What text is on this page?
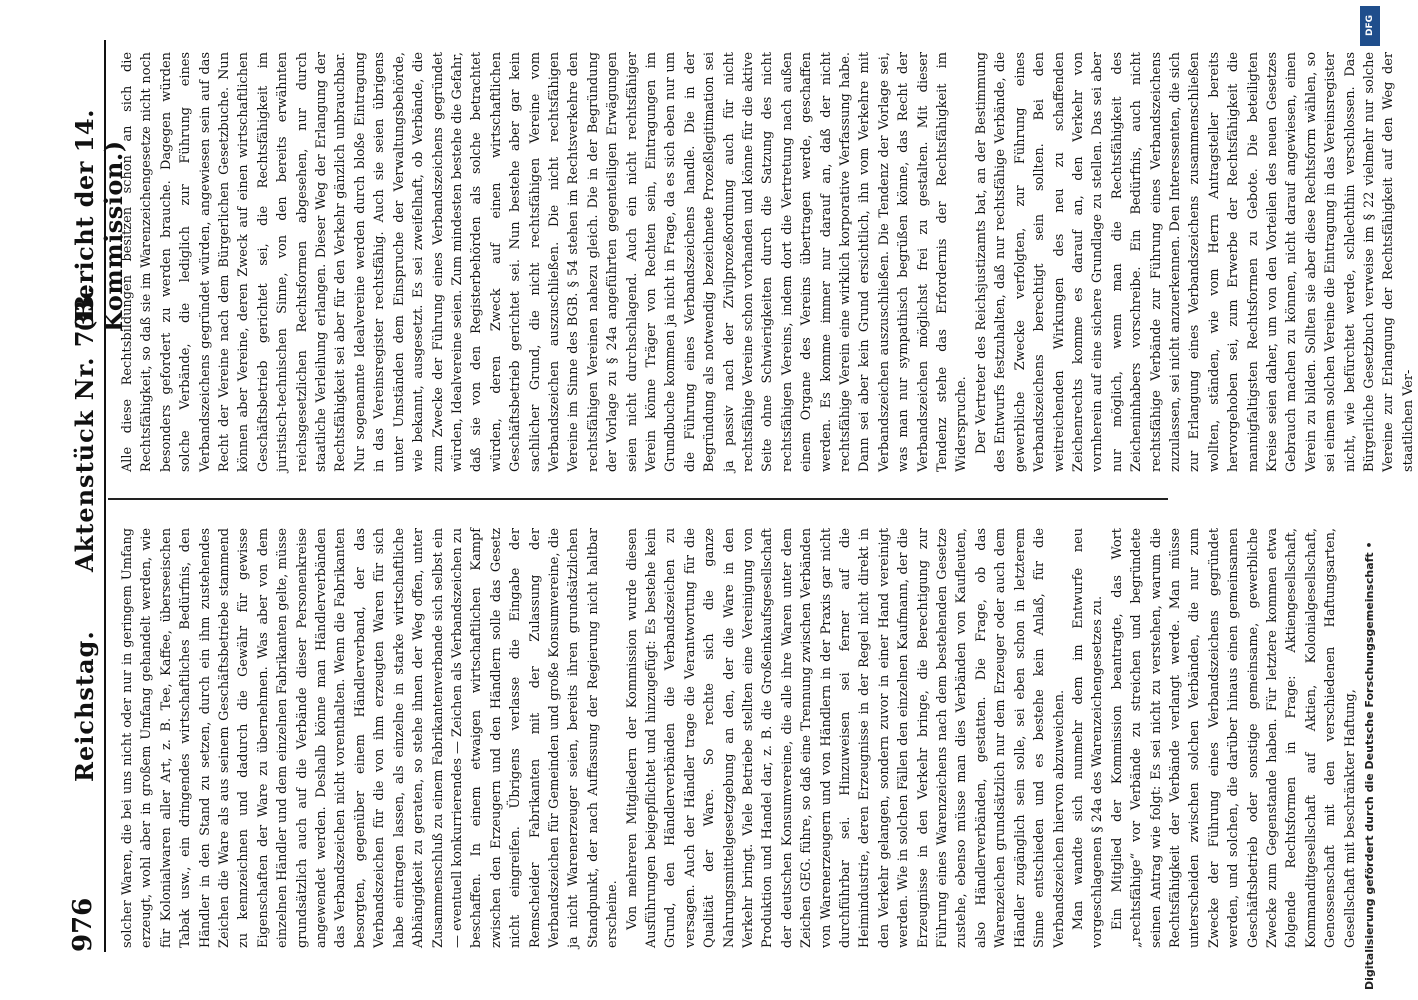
976
Reichstag.
Aktenstück Nr. 733.
(Bericht der 14. Kommission.)

solcher Waren, die bei uns nicht oder nur in geringem Umfang erzeugt, wohl aber in großem Umfang gehandelt werden, wie für Kolonialwaren aller Art, z. B. Tee, Kaffee, überseeischen Tabak usw., ein dringendes wirtschaftliches Bedürfnis, den Händler in den Stand zu setzen, durch ein ihm zustehendes Zeichen die Ware als aus seinem Geschäftsbetriebe stammend zu kennzeichnen und dadurch die Gewähr für gewisse Eigenschaften der Ware zu übernehmen. Was aber von dem einzelnen Händler und dem einzelnen Fabrikanten gelte, müsse grundsätzlich auch auf die Verbände dieser Personenkreise angewendet werden. Deshalb könne man Händlerverbänden das Verbandszeichen nicht vorenthalten. Wenn die Fabrikanten besorgten, gegenüber einem Händlerverband, der das Verbandszeichen für die von ihm erzeugten Waren für sich habe eintragen lassen, als einzelne in starke wirtschaftliche Abhängigkeit zu geraten, so stehe ihnen der Weg offen, unter Zusammenschluß zu einem Fabrikantenverbande sich selbst ein — eventuell konkurrierendes — Zeichen als Verbandszeichen zu beschaffen. In einem etwaigen wirtschaftlichen Kampf zwischen den Erzeugern und den Händlern solle das Gesetz nicht eingreifen. Übrigens verlasse die Eingabe der Remscheider Fabrikanten mit der Zulassung der Verbandszeichen für Gemeinden und große Konsumvereine, die ja nicht Warenerzeuger seien, bereits ihren grundsätzlichen Standpunkt, der nach Auffassung der Regierung nicht haltbar erscheine. Von mehreren Mitgliedern der Kommission wurde diesen Ausführungen beigepflichtet und hinzugefügt: Es bestehe kein Grund, den Händlerverbänden die Verbandszeichen zu versagen. Auch der Händler trage die Verantwortung für die Qualität der Ware. So rechte sich die ganze Nahrungsmittelgesetzgebung an den, der die Ware in den Verkehr bringt. Viele Betriebe stellten eine Vereinigung von Produktion und Handel dar, z. B. die Großeinkaufsgesellschaft der deutschen Konsumvereine, die alle ihre Waren unter dem Zeichen GEG. führe, so daß eine Trennung zwischen Verbänden von Warenerzeugern und von Händlern in der Praxis gar nicht durchführbar sei. Hinzuweisen sei ferner auf die Heimindustrie, deren Erzeugnisse in der Regel nicht direkt in den Verkehr gelangen, sondern zuvor in einer Hand vereinigt werden. Wie in solchen Fällen den einzelnen Kaufmann, der die Erzeugnisse in den Verkehr bringe, die Berechtigung zur Führung eines Warenzeichens nach dem bestehenden Gesetze zustehe, ebenso müsse man dies Verbänden von Kaufleuten, also Händlerverbänden, gestatten. Die Frage, ob das Warenzeichen grundsätzlich nur dem Erzeuger oder auch dem Händler zugänglich sein solle, sei eben schon in letzterem Sinne entschieden und es bestehe kein Anlaß, für die Verbandszeichen hiervon abzuweichen. Man wandte sich nunmehr dem im Entwurfe neu vorgeschlagenen § 24a des Warenzeichengesetzes zu. Ein Mitglied der Kommission beantragte, das Wort „rechtsfähige“ vor Verbände zu streichen und begründete seinen Antrag wie folgt: Es sei nicht zu verstehen, warum die Rechtsfähigkeit der Verbände verlangt werde. Man müsse unterscheiden zwischen solchen Verbänden, die nur zum Zwecke der Führung eines Verbandszeichens gegründet werden, und solchen, die darüber hinaus einen gemeinsamen Geschäftsbetrieb oder sonstige gemeinsame, gewerbliche Zwecke zum Gegenstande haben. Für letztere kommen etwa folgende Rechtsformen in Frage: Aktiengesellschaft, Kommanditgesellschaft auf Aktien, Kolonialgesellschaft, Genossenschaft mit den verschiedenen Haftungsarten, Gesellschaft mit beschränkter Haftung,

Alle diese Rechtsbildungen besitzen schon an sich die Rechtsfähigkeit, so daß sie im Warenzeichengesetze nicht noch besonders gefordert zu werden brauche. Dagegen würden solche Verbände, die lediglich zur Führung eines Verbandszeichens gegründet würden, angewiesen sein auf das Recht der Vereine nach dem Bürgerlichen Gesetzbuche. Nun können aber Vereine, deren Zweck auf einen wirtschaftlichen Geschäftsbetrieb gerichtet sei, die Rechtsfähigkeit im juristisch-technischen Sinne, von den bereits erwähnten reichsgesetzlichen Rechtsformen abgesehen, nur durch staatliche Verleihung erlangen. Dieser Weg der Erlangung der Rechtsfähigkeit sei aber für den Verkehr gänzlich unbrauchbar. Nur sogenannte Idealvereine werden durch bloße Eintragung in das Vereinsregister rechtsfähig. Auch sie seien übrigens unter Umständen dem Einspruche der Verwaltungsbehörde, wie bekannt, ausgesetzt. Es sei zweifelhaft, ob Verbände, die zum Zwecke der Führung eines Verbandszeichens gegründet würden, Idealvereine seien. Zum mindesten bestehe die Gefahr, daß sie von den Registerbehörden als solche betrachtet würden, deren Zweck auf einen wirtschaftlichen Geschäftsbetrieb gerichtet sei. Nun bestehe aber gar kein sachlicher Grund, die nicht rechtsfähigen Vereine vom Verbandszeichen auszuschließen. Die nicht rechtsfähigen Vereine im Sinne des BGB. § 54 stehen im Rechtsverkehre den rechtsfähigen Vereinen nahezu gleich. Die in der Begründung der Vorlage zu § 24a angeführten gegenteiligen Erwägungen seien nicht durchschlagend. Auch ein nicht rechtsfähiger Verein könne Träger von Rechten sein, Eintragungen im Grundbuche kommen ja nicht in Frage, da es sich eben nur um die Führung eines Verbandszeichens handle. Die in der Begründung als notwendig bezeichnete Prozeßlegitimation sei ja passiv nach der Zivilprozeßordnung auch für nicht rechtsfähige Vereine schon vorhanden und könne für die aktive Seite ohne Schwierigkeiten durch die Satzung des nicht rechtsfähigen Vereins, indem dort die Vertretung nach außen einem Organe des Vereins übertragen werde, geschaffen werden. Es komme immer nur darauf an, daß der nicht rechtsfähige Verein eine wirklich korporative Verfassung habe. Dann sei aber kein Grund ersichtlich, ihn vom Verkehre mit Verbandszeichen auszuschließen. Die Tendenz der Vorlage sei, was man nur sympathisch begrüßen könne, das Recht der Verbandszeichen möglichst frei zu gestalten. Mit dieser Tendenz stehe das Erfordernis der Rechtsfähigkeit im Widerspruche. Der Vertreter des Reichsjustizamts bat, an der Bestimmung des Entwurfs festzuhalten, daß nur rechtsfähige Verbände, die gewerbliche Zwecke verfolgten, zur Führung eines Verbandszeichens berechtigt sein sollten. Bei den weitreichenden Wirkungen des neu zu schaffenden Zeichenrechts komme es darauf an, den Verkehr von vornherein auf eine sichere Grundlage zu stellen. Das sei aber nur möglich, wenn man die Rechtsfähigkeit des Zeicheninhabers vorschreibe. Ein Bedürfnis, auch nicht rechtsfähige Verbände zur Führung eines Verbandszeichens zuzulassen, sei nicht anzuerkennen. Den Interessenten, die sich zur Erlangung eines Verbandszeichens zusammenschließen wollten, ständen, wie vom Herrn Antragsteller bereits hervorgehoben sei, zum Erwerbe der Rechtsfähigkeit die mannigfaltigsten Rechtsformen zu Gebote. Die beteiligten Kreise seien daher, um von den Vorteilen des neuen Gesetzes Gebrauch machen zu können, nicht darauf angewiesen, einen Verein zu bilden. Sollten sie aber diese Rechtsform wählen, so sei einem solchen Vereine die Eintragung in das Vereinsregister nicht, wie befürchtet werde, schlechthin verschlossen. Das Bürgerliche Gesetzbuch verweise im § 22 vielmehr nur solche Vereine zur Erlangung der Rechtsfähigkeit auf den Weg der staatlichen Ver-

Digitalisierung gefördert durch die Deutsche Forschungsgemeinschaft •
DFG
